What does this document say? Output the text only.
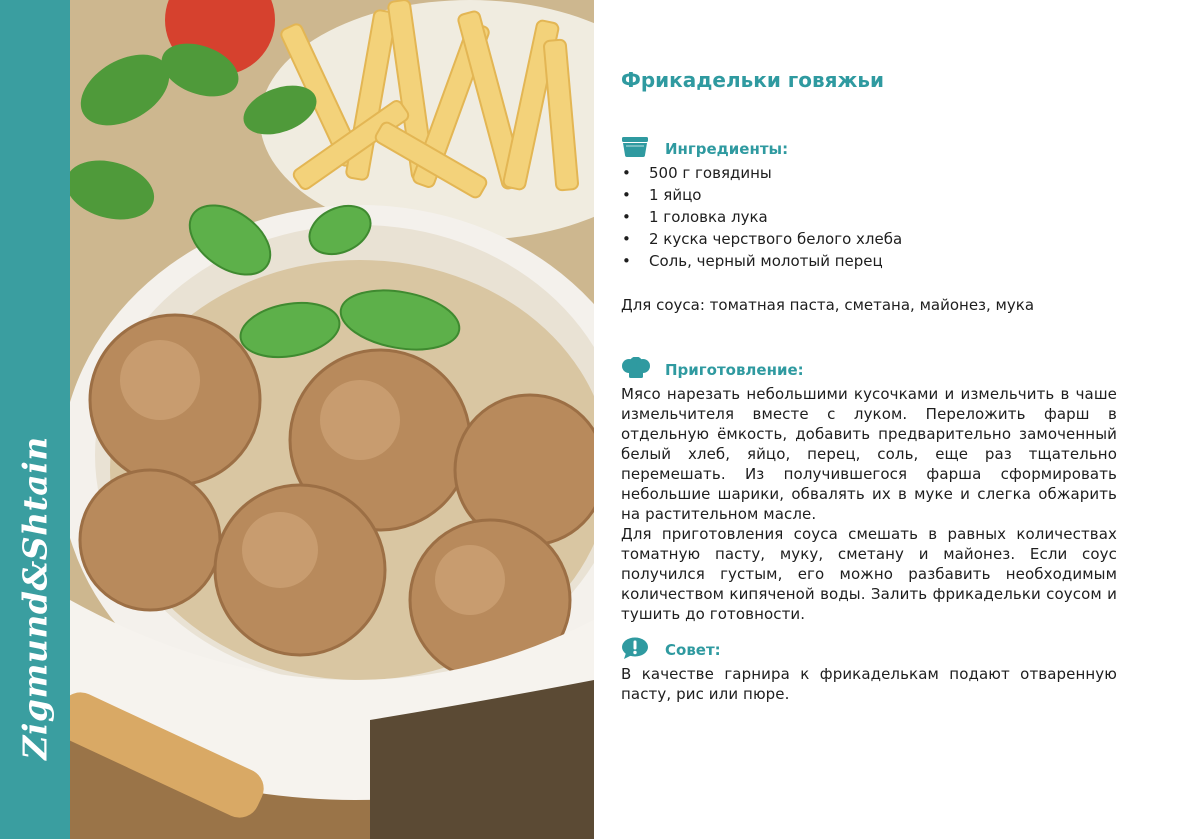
Zigmund&Shtain
Фрикадельки говяжьи
Ингредиенты:
• 500 г говядины
• 1 яйцо
• 1 головка лука
• 2 куска черствого белого хлеба
• Соль, черный молотый перец
Для соуса: томатная паста, сметана, майонез, мука
Приготовление:

Мясо нарезать небольшими кусочками и измельчить в чаше измельчителя вместе с луком. Переложить фарш в отдельную ёмкость, добавить предварительно замоченный белый хлеб, яйцо, перец, соль, еще раз тщательно перемешать. Из получившегося фарша сформировать небольшие шарики, обвалять их в муке и слегка обжарить на растительном масле.

Для приготовления соуса смешать в равных количествах томатную пасту, муку, сметану и майонез. Если соус получился густым, его можно разбавить необходимым количеством кипяченой воды. Залить фрикадельки соусом и тушить до готовности.

Совет:

В качестве гарнира к фрикаделькам подают отваренную пасту, рис или пюре.
